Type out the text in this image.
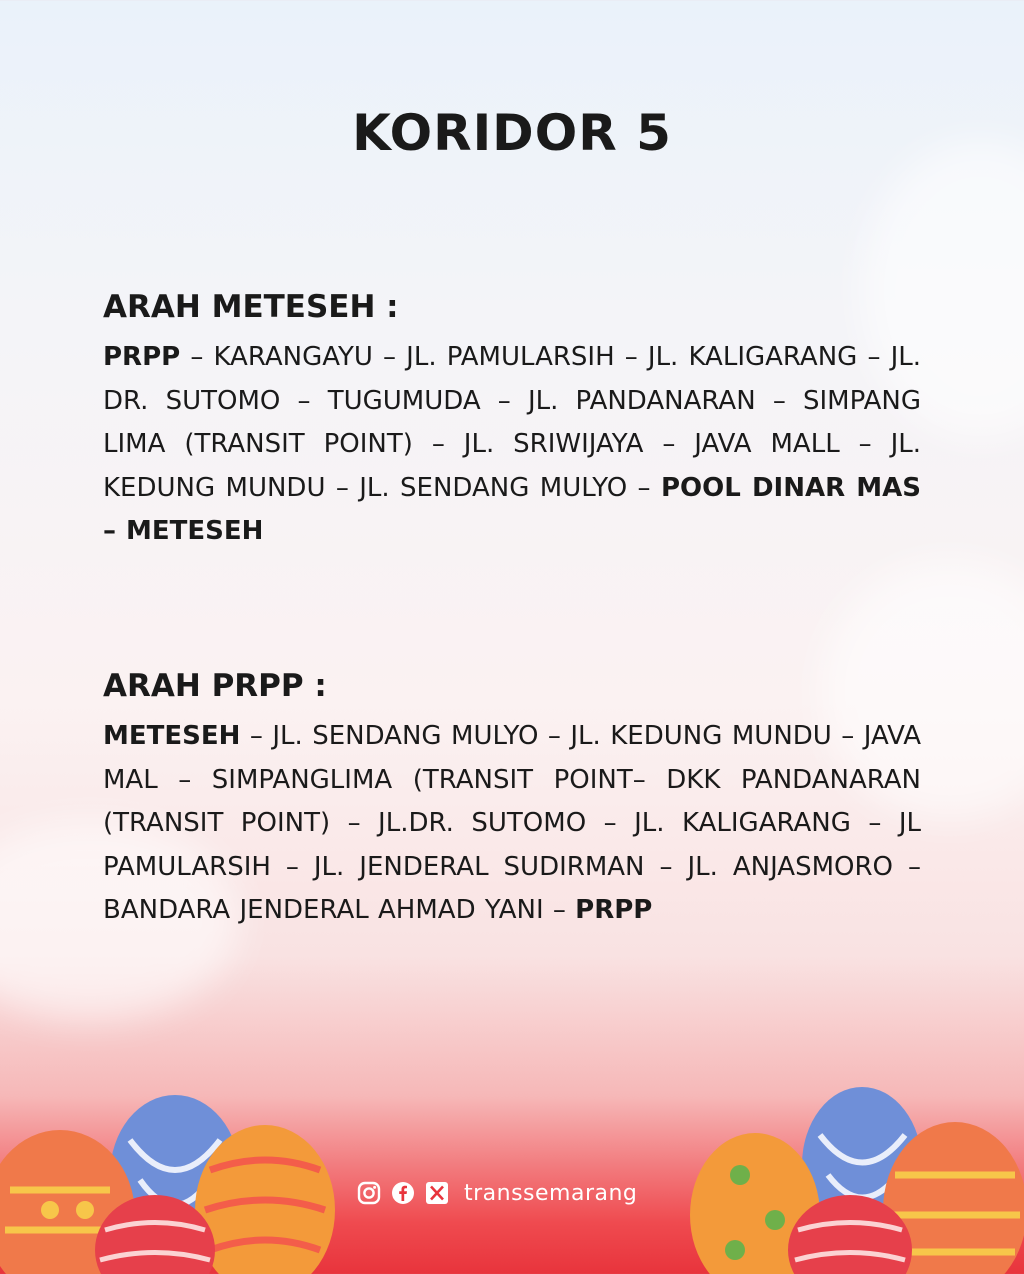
KORIDOR 5
ARAH METESEH :

PRPP – KARANGAYU – JL. PAMULARSIH – JL. KALIGARANG – JL. DR. SUTOMO – TUGUMUDA – JL. PANDANARAN – SIMPANG LIMA (TRANSIT POINT) – JL. SRIWIJAYA – JAVA MALL – JL. KEDUNG MUNDU – JL. SENDANG MULYO – POOL DINAR MAS – METESEH

ARAH PRPP :

METESEH – JL. SENDANG MULYO – JL. KEDUNG MUNDU – JAVA MAL – SIMPANGLIMA (TRANSIT POINT– DKK PANDANARAN (TRANSIT POINT) – JL.DR. SUTOMO – JL. KALIGARANG – JL PAMULARSIH – JL. JENDERAL SUDIRMAN – JL. ANJASMORO – BANDARA JENDERAL AHMAD YANI – PRPP

transsemarang
